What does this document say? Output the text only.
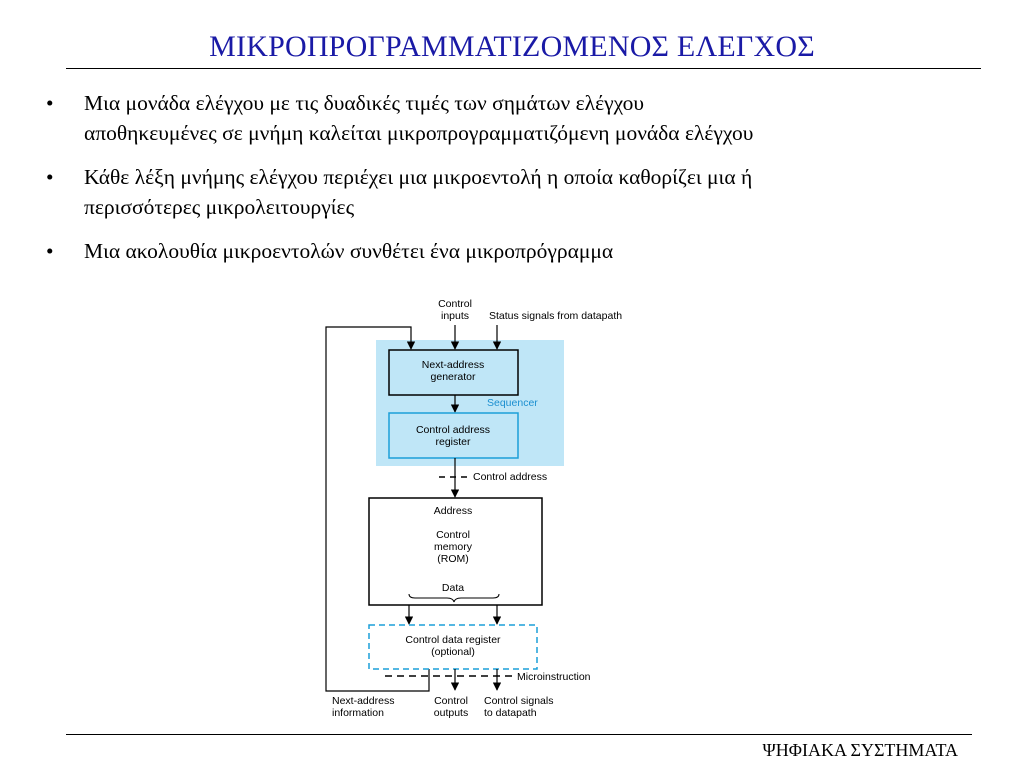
ΜΙΚΡΟΠΡΟΓΡΑΜΜΑΤΙΖΟΜΕΝΟΣ ΕΛΕΓΧΟΣ
• Μια μονάδα ελέγχου με τις δυαδικές τιμές των σημάτων ελέγχου
αποθηκευμένες σε μνήμη καλείται μικροπρογραμματιζόμενη μονάδα ελέγχου
• Κάθε λέξη μνήμης ελέγχου περιέχει μια μικροεντολή η οποία καθορίζει μια ή
περισσότερες μικρολειτουργίες
• Μια ακολουθία μικροεντολών συνθέτει ένα μικροπρόγραμμα
Control
inputs Status signals from datapath
Next-address
generator
Sequencer
Control address
register
Control address
Address
Control
memory
(ROM)
Data
Control data register
(optional)
Microinstruction
Next-address
information
Control
outputs
Control signals
to datapath
ΨΗΦΙΑΚΑ ΣΥΣΤΗΜΑΤΑ
